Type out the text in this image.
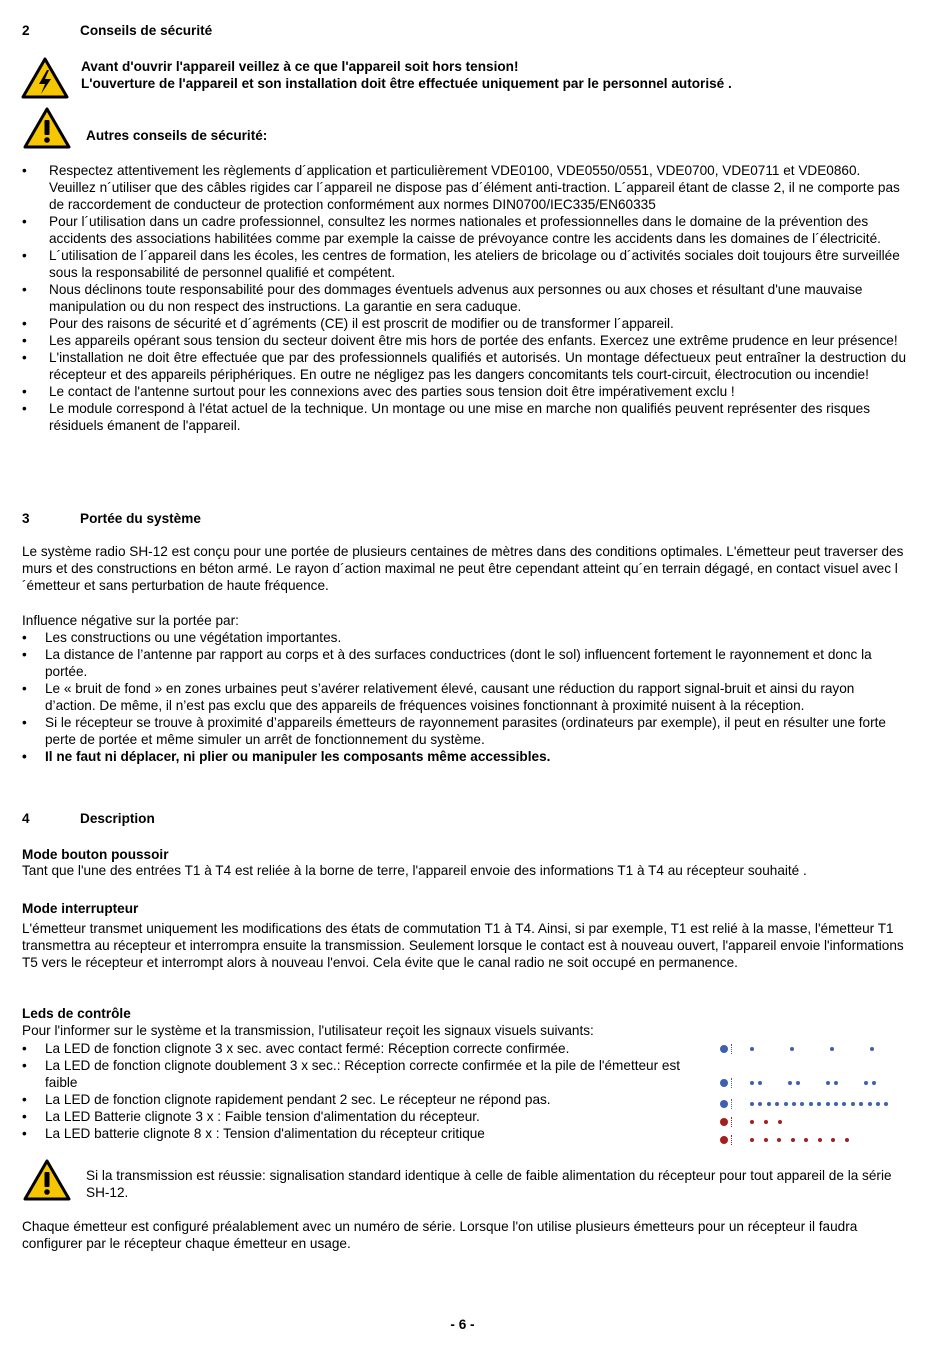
2	Conseils de sécurité
Avant d'ouvrir l'appareil veillez à ce que l'appareil soit hors tension!
L'ouverture de l'appareil et son installation doit être effectuée uniquement par le personnel autorisé .
Autres conseils de sécurité:
• Respectez attentivement les règlements d´application et particulièrement VDE0100, VDE0550/0551, VDE0700, VDE0711 et VDE0860. Veuillez n´utiliser que des câbles rigides car l´appareil ne dispose pas d´élément anti-traction. L´appareil étant de classe 2, il ne comporte pas de raccordement de conducteur de protection conformément aux normes DIN0700/IEC335/EN60335
• Pour l´utilisation dans un cadre professionnel, consultez les normes nationales et professionnelles dans le domaine de la prévention des accidents des associations habilitées comme par exemple la caisse de prévoyance contre les accidents dans les domaines de l´électricité.
• L´utilisation de l´appareil dans les écoles, les centres de formation, les ateliers de bricolage ou d´activités sociales doit toujours être surveillée sous la responsabilité de personnel qualifié et compétent.
• Nous déclinons toute responsabilité pour des dommages éventuels advenus aux personnes ou aux choses et résultant d'une mauvaise manipulation ou du non respect des instructions. La garantie en sera caduque.
• Pour des raisons de sécurité et d´agréments (CE) il est proscrit de modifier ou de transformer l´appareil.
• Les appareils opérant sous tension du secteur doivent être mis hors de portée des enfants. Exercez une extrême prudence en leur présence!
• L'installation ne doit être effectuée que par des professionnels qualifiés et autorisés. Un montage défectueux peut entraîner la destruction du récepteur et des appareils périphériques. En outre ne négligez pas les dangers concomitants tels court-circuit, électrocution ou incendie!
• Le contact de l'antenne surtout pour les connexions avec des parties sous tension doit être impérativement exclu !
• Le module correspond à l'état actuel de la technique. Un montage ou une mise en marche non qualifiés peuvent représenter des risques résiduels émanent de l'appareil.
3	Portée du système
Le système radio SH-12 est conçu pour une portée de plusieurs centaines de mètres dans des conditions optimales. L'émetteur peut traverser des murs et des constructions en béton armé. Le rayon d´action maximal ne peut être cependant atteint qu´en terrain dégagé, en contact visuel avec l´émetteur et sans perturbation de haute fréquence.
Influence négative sur la portée par:
• Les constructions ou une végétation importantes.
• La distance de l’antenne par rapport au corps et à des surfaces conductrices (dont le sol) influencent fortement le rayonnement et donc la portée.
• Le « bruit de fond » en zones urbaines peut s’avérer relativement élevé, causant une réduction du rapport signal-bruit et ainsi du rayon d’action. De même, il n’est pas exclu que des appareils de fréquences voisines fonctionnant à proximité nuisent à la réception.
• Si le récepteur se trouve à proximité d’appareils émetteurs de rayonnement parasites (ordinateurs par exemple), il peut en résulter une forte perte de portée et même simuler un arrêt de fonctionnement du système.
• Il ne faut ni déplacer, ni plier ou manipuler les composants même accessibles.
4	Description
Mode bouton poussoir
Tant que l'une des entrées T1 à T4 est reliée à la borne de terre, l'appareil envoie des informations T1 à T4 au récepteur souhaité .
Mode interrupteur
L'émetteur transmet uniquement les modifications des états de commutation T1 à T4. Ainsi, si par exemple, T1 est relié à la masse, l'émetteur T1 transmettra au récepteur et interrompra ensuite la transmission. Seulement lorsque le contact est à nouveau ouvert, l'appareil envoie l'informations T5 vers le récepteur et interrompt alors à nouveau l'envoi. Cela évite que le canal radio ne soit occupé en permanence.
Leds de contrôle
Pour l'informer sur le système et la transmission, l'utilisateur reçoit les signaux visuels suivants:
• La LED de fonction clignote 3 x sec. avec contact fermé: Réception correcte confirmée.
• La LED de fonction clignote doublement 3 x sec.: Réception correcte confirmée et la pile de l'émetteur est faible
• La LED de fonction clignote rapidement pendant 2 sec. Le récepteur ne répond pas.
• La LED Batterie clignote 3 x : Faible tension d'alimentation du récepteur.
• La LED batterie clignote 8 x : Tension d'alimentation du récepteur critique
Si la transmission est réussie: signalisation standard identique à celle de faible alimentation du récepteur pour tout appareil de la série SH-12.
Chaque émetteur est configuré préalablement avec un numéro de série. Lorsque l'on utilise plusieurs émetteurs pour un récepteur il faudra configurer par le récepteur chaque émetteur en usage.
- 6 -
